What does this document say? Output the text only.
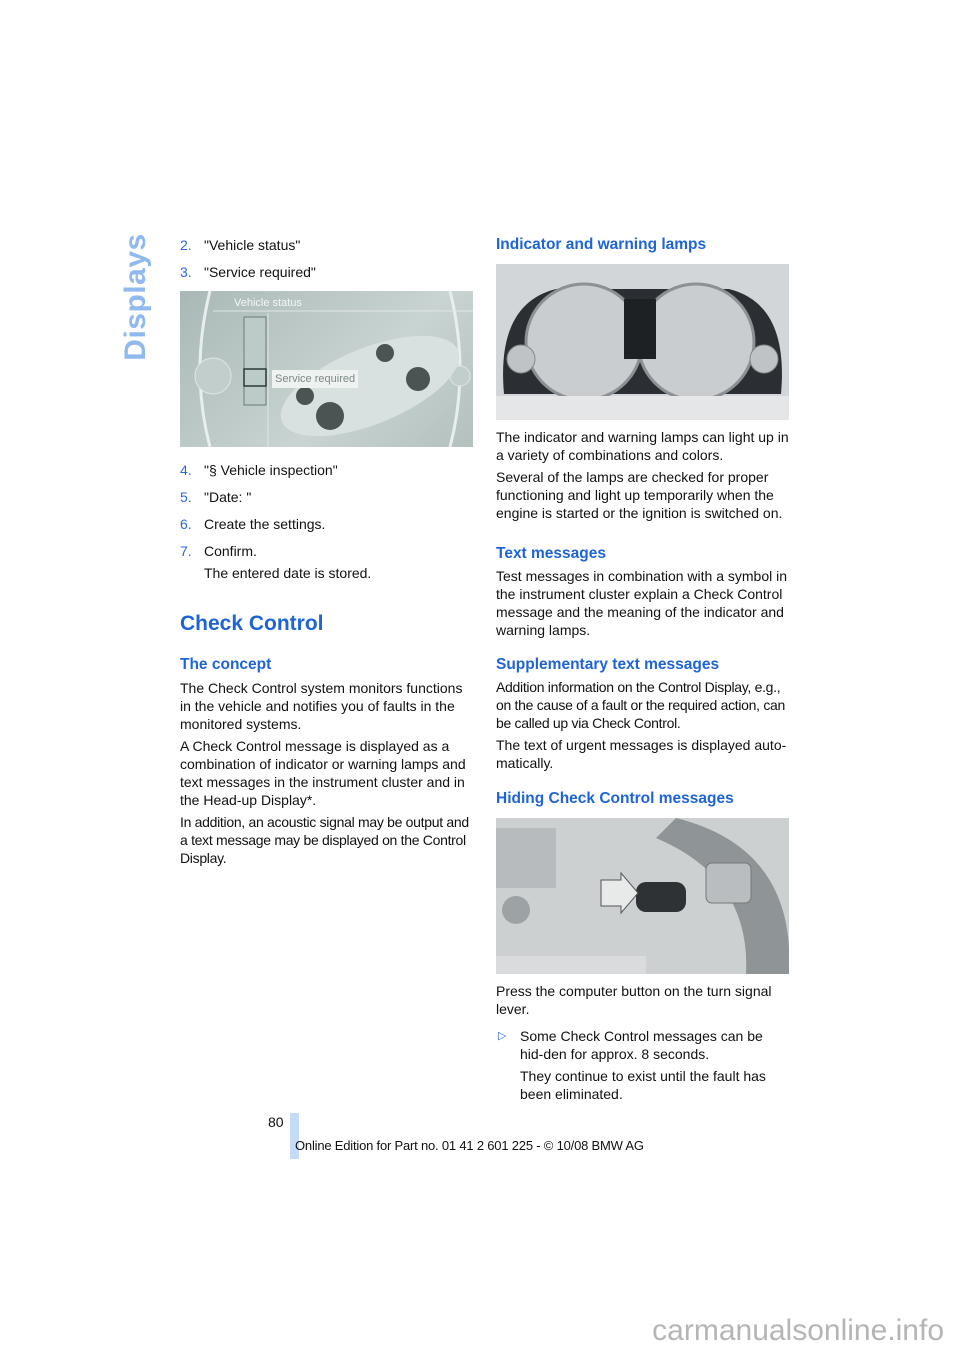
Displays 2. "Vehicle status"

3. "Service required"

Vehicle status
Service required

4. "§ Vehicle inspection"

5. "Date: "

6. Create the settings.

7. Confirm.

The entered date is stored.

Check Control
The concept

The Check Control system monitors functions in the vehicle and notifies you of faults in the monitored systems.

A Check Control message is displayed as a combination of indicator or warning lamps and text messages in the instrument cluster and in the Head-up Display*.

In addition, an acoustic signal may be output and a text message may be displayed on the Control Display.

Indicator and warning lamps

The indicator and warning lamps can light up in a variety of combinations and colors.

Several of the lamps are checked for proper functioning and light up temporarily when the engine is started or the ignition is switched on.

Text messages

Test messages in combination with a symbol in the instrument cluster explain a Check Control message and the meaning of the indicator and warning lamps.

Supplementary text messages

Addition information on the Control Display, e.g., on the cause of a fault or the required action, can be called up via Check Control.

The text of urgent messages is displayed auto-matically.

Hiding Check Control messages

Press the computer button on the turn signal lever.

▷ Some Check Control messages can be hid-den for approx. 8 seconds.

They continue to exist until the fault has been eliminated.

80
Online Edition for Part no. 01 41 2 601 225 - © 10/08 BMW AG
carmanualsonline.info
